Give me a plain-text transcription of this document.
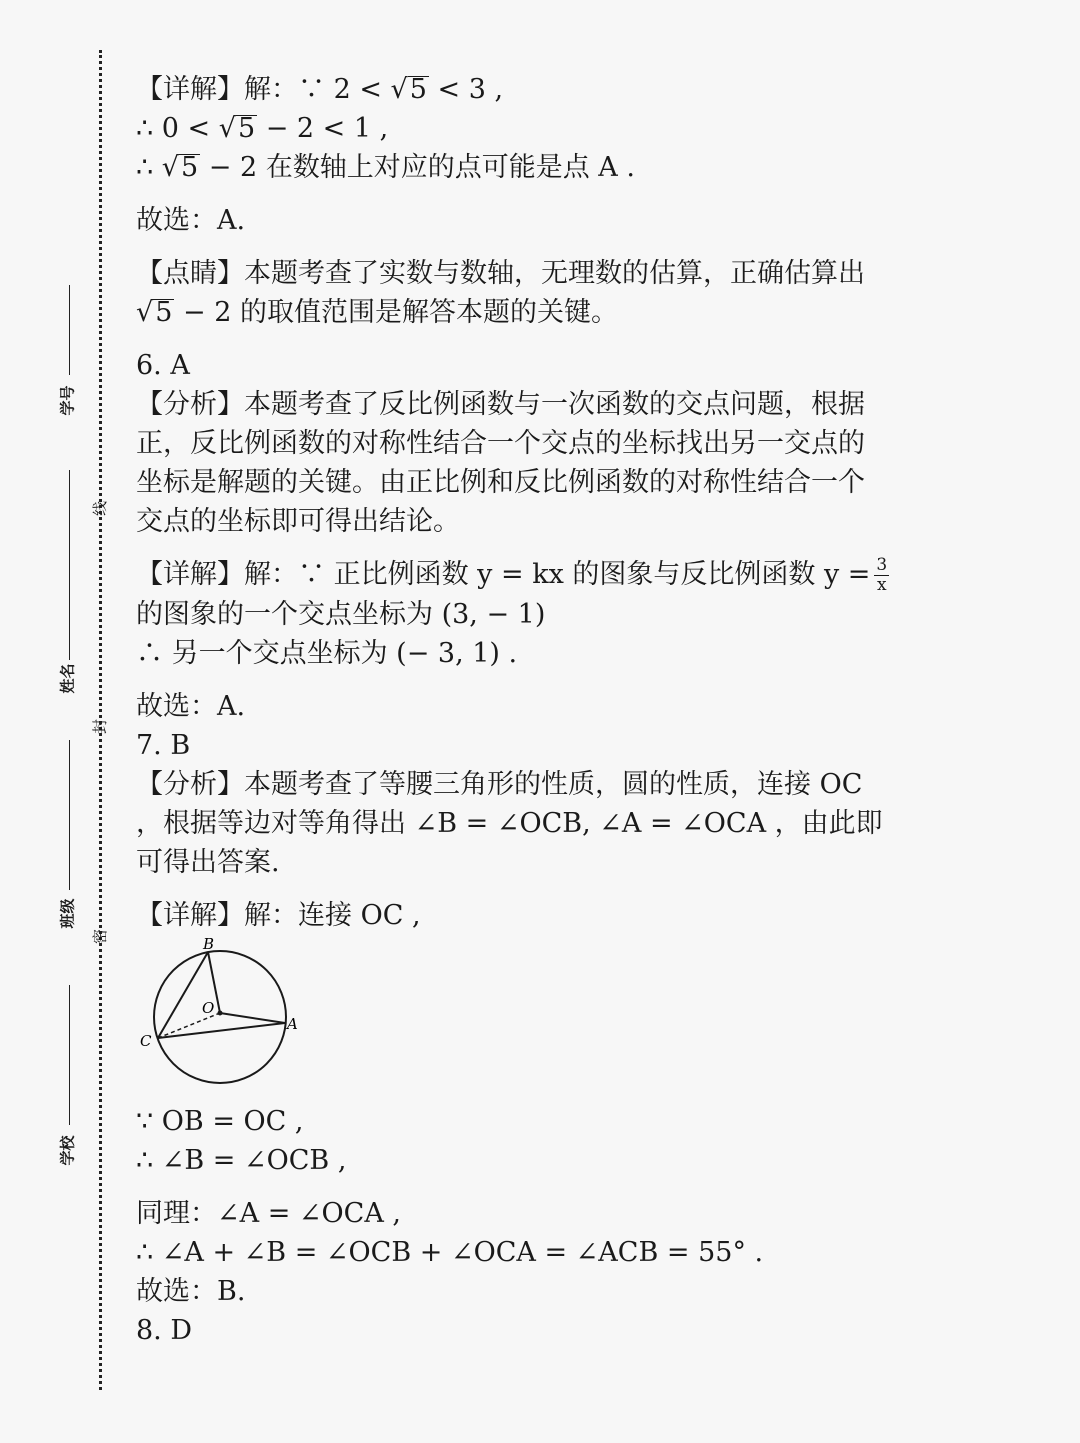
学号
姓名
班级
学校
线
封
密
【详解】解：∵ 2 < √5 < 3 ,
∴ 0 < √5 − 2 < 1 ,
∴ √5 − 2 在数轴上对应的点可能是点 A .
故选：A.
【点睛】本题考查了实数与数轴，无理数的估算，正确估算出
√5 − 2 的取值范围是解答本题的关键。
6. A
【分析】本题考查了反比例函数与一次函数的交点问题，根据
正，反比例函数的对称性结合一个交点的坐标找出另一交点的
坐标是解题的关键。由正比例和反比例函数的对称性结合一个
交点的坐标即可得出结论。
【详解】解：∵ 正比例函数 y = kx 的图象与反比例函数 $y = \frac{3}{x}$
的图象的一个交点坐标为 (3, − 1)
∴ 另一个交点坐标为 (− 3, 1) .
故选：A.
7. B
【分析】本题考查了等腰三角形的性质，圆的性质，连接 OC
，根据等边对等角得出 ∠B = ∠OCB, ∠A = ∠OCA ，由此即
可得出答案.
【详解】解：连接 OC ,
B
O
A
C
∵ OB = OC ,
∴ ∠B = ∠OCB ,
同理：∠A = ∠OCA ,
∴ ∠A + ∠B = ∠OCB + ∠OCA = ∠ACB = 55° .
故选：B.
8. D
